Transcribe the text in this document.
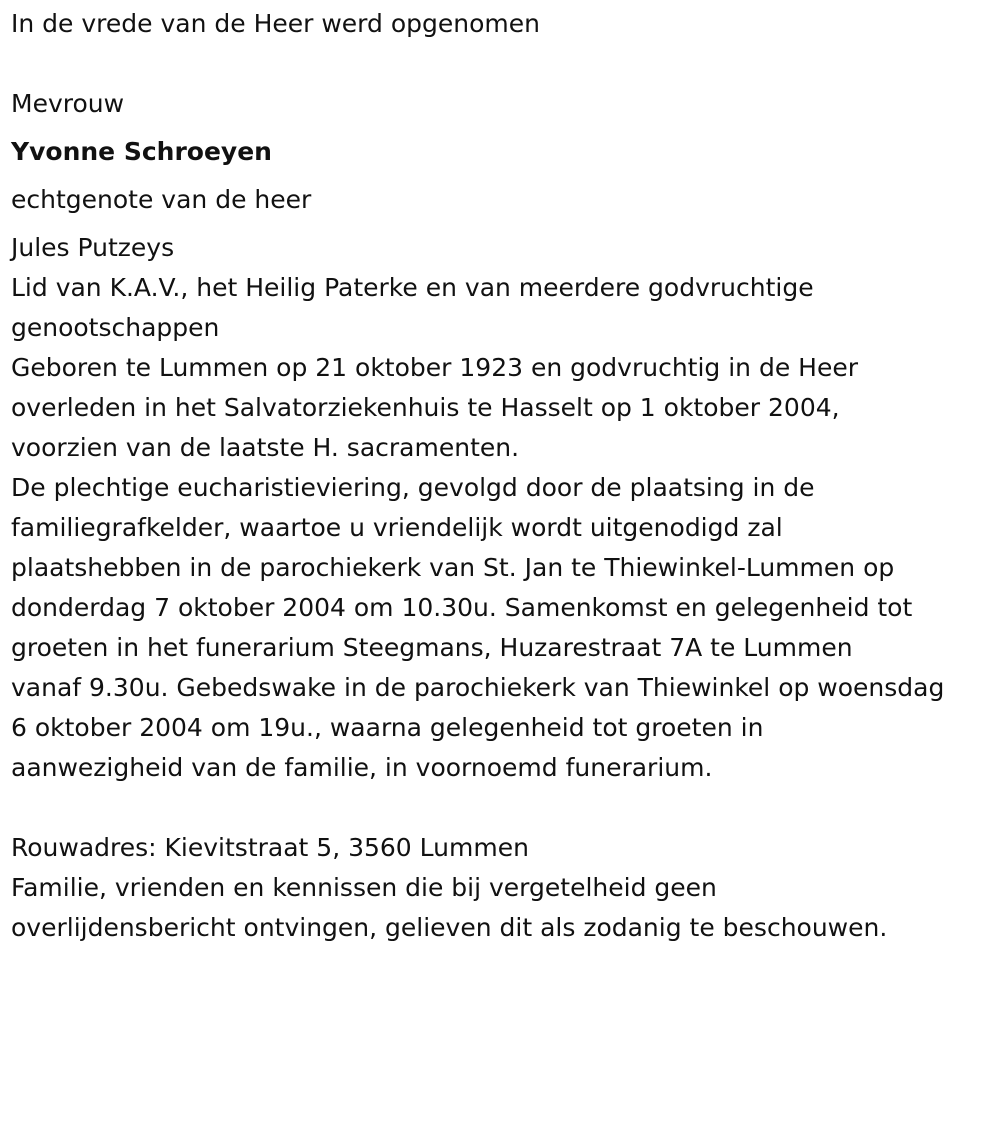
In de vrede van de Heer werd opgenomen

Mevrouw

Yvonne Schroeyen

echtgenote van de heer

Jules Putzeys

Lid van K.A.V., het Heilig Paterke en van meerdere godvruchtige

genootschappen

Geboren te Lummen op 21 oktober 1923 en godvruchtig in de Heer

overleden in het Salvatorziekenhuis te Hasselt op 1 oktober 2004,

voorzien van de laatste H. sacramenten.

De plechtige eucharistieviering, gevolgd door de plaatsing in de

familiegrafkelder, waartoe u vriendelijk wordt uitgenodigd zal

plaatshebben in de parochiekerk van St. Jan te Thiewinkel-Lummen op

donderdag 7 oktober 2004 om 10.30u. Samenkomst en gelegenheid tot

groeten in het funerarium Steegmans, Huzarestraat 7A te Lummen

vanaf 9.30u. Gebedswake in de parochiekerk van Thiewinkel op woensdag

6 oktober 2004 om 19u., waarna gelegenheid tot groeten in

aanwezigheid van de familie, in voornoemd funerarium.

Rouwadres: Kievitstraat 5, 3560 Lummen

Familie, vrienden en kennissen die bij vergetelheid geen

overlijdensbericht ontvingen, gelieven dit als zodanig te beschouwen.
